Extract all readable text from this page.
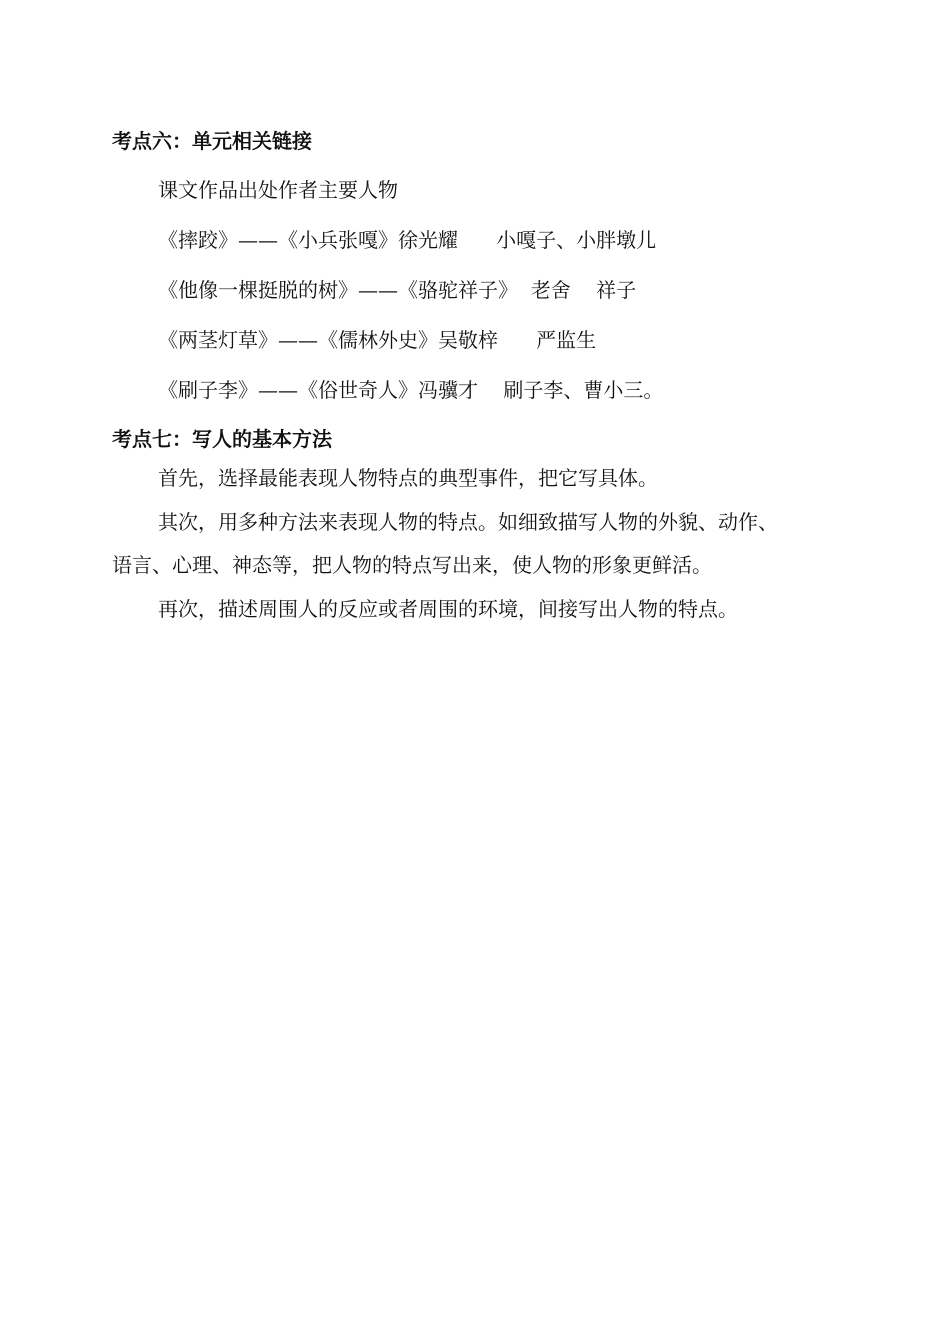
考点六：单元相关链接
课文作品出处作者主要人物
《摔跤》——《小兵张嘎》徐光耀      小嘎子、小胖墩儿
《他像一棵挺脱的树》——《骆驼祥子》  老舍    祥子
《两茎灯草》——《儒林外史》吴敬梓      严监生
《刷子李》——《俗世奇人》冯骥才    刷子李、曹小三。
考点七：写人的基本方法
首先，选择最能表现人物特点的典型事件，把它写具体。
其次，用多种方法来表现人物的特点。如细致描写人物的外貌、动作、
语言、心理、神态等，把人物的特点写出来，使人物的形象更鲜活。
再次，描述周围人的反应或者周围的环境，间接写出人物的特点。
